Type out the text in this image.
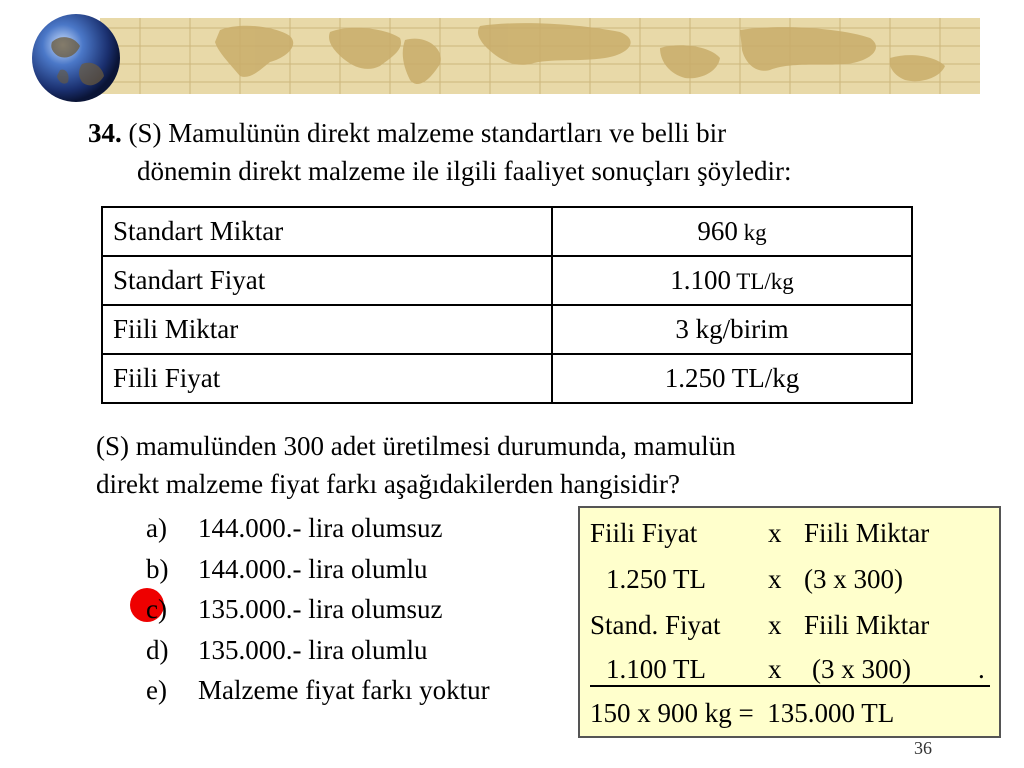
34. (S) Mamulünün direkt malzeme standartları ve belli bir
dönemin direkt malzeme ile ilgili faaliyet sonuçları şöyledir:
Standart Miktar	960 kg
Standart Fiyat	1.100 TL/kg
Fiili Miktar	3 kg/birim
Fiili Fiyat	1.250 TL/kg
(S) mamulünden 300 adet üretilmesi durumunda, mamulün
direkt malzeme fiyat farkı aşağıdakilerden hangisidir?
a) 144.000.- lira olumsuz
b) 144.000.- lira olumlu
c) 135.000.- lira olumsuz
d) 135.000.- lira olumlu
e) Malzeme fiyat farkı yoktur
Fiili Fiyat	x Fiili Miktar
1.250 TL x (3 x 300)
Stand. Fiyat x Fiili Miktar
1.100 TL x (3 x 300) .
150 x 900 kg =  135.000 TL
36
